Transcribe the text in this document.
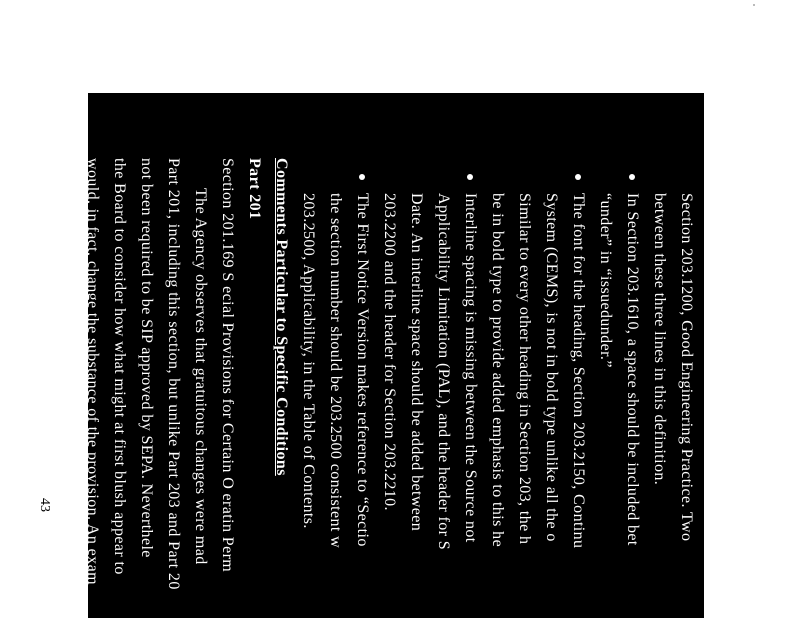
Section 203.1200, Good Engineering Practice. Two
between these three lines in this definition.
In Section 203.1610, a space should be included bet
“under” in “issuedunder.”
The font for the heading, Section 203.2150, Continu
System (CEMS), is not in bold type unlike all the o
Similar to every other heading in Section 203, the h
be in bold type to provide added emphasis to this he
Interline spacing is missing between the Source not
Applicability Limitation (PAL), and the header for S
Date. An interline space should be added between
203.2200 and the header for Section 203.2210.
The First Notice Version makes reference to “Sectio
the section number should be 203.2500 consistent w
203.2500, Applicability, in the Table of Contents.
Comments Particular to Specific Conditions
Part 201
Section 201.169 S ecial Provisions for Certain O eratin Perm
The Agency observes that gratuitous changes were mad
Part 201, including this section, but unlike Part 203 and Part 20
not been required to be SIP approved by SEPA. Neverthele
the Board to consider how what might at first blush appear to
would, in fact, change the substance of the provision. An exam
43
